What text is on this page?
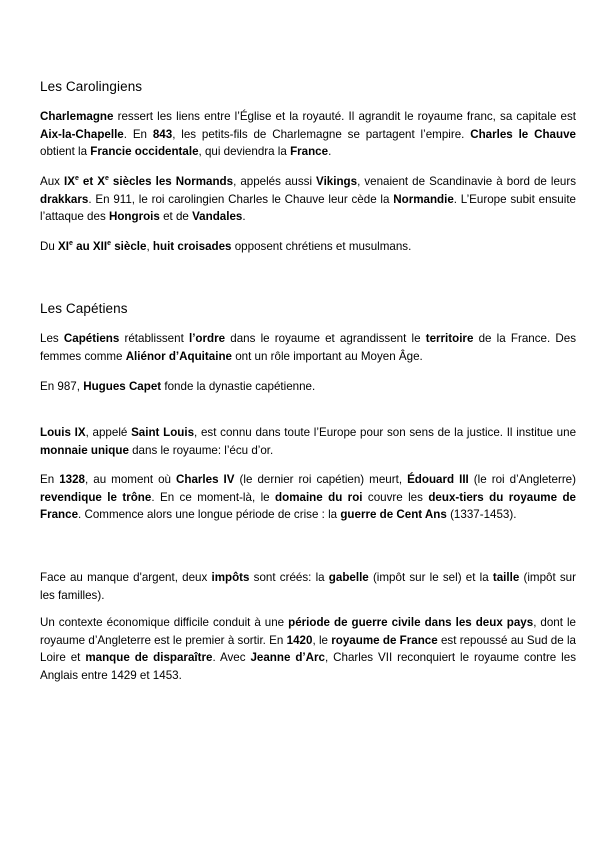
Les Carolingiens

Charlemagne ressert les liens entre l’Église et la royauté. Il agrandit le royaume franc, sa capitale est Aix-la-Chapelle. En 843, les petits-fils de Charlemagne se partagent l’empire. Charles le Chauve obtient la Francie occidentale, qui deviendra la France.

Aux IXe et Xe siècles les Normands, appelés aussi Vikings, venaient de Scandinavie à bord de leurs drakkars. En 911, le roi carolingien Charles le Chauve leur cède la Normandie. L’Europe subit ensuite l’attaque des Hongrois et de Vandales.

Du XIe au XIIe siècle, huit croisades opposent chrétiens et musulmans.

Les Capétiens

Les Capétiens rétablissent l’ordre dans le royaume et agrandissent le territoire de la France. Des femmes comme Aliénor d’Aquitaine ont un rôle important au Moyen Âge.

En 987, Hugues Capet fonde la dynastie capétienne.

Louis IX, appelé Saint Louis, est connu dans toute l’Europe pour son sens de la justice. Il institue une monnaie unique dans le royaume: l’écu d’or.

En 1328, au moment où Charles IV (le dernier roi capétien) meurt, Édouard III (le roi d’Angleterre) revendique le trône. En ce moment-là, le domaine du roi couvre les deux-tiers du royaume de France. Commence alors une longue période de crise : la guerre de Cent Ans (1337-1453).

Face au manque d'argent, deux impôts sont créés: la gabelle (impôt sur le sel) et la taille (impôt sur les familles).

Un contexte économique difficile conduit à une période de guerre civile dans les deux pays, dont le royaume d’Angleterre est le premier à sortir. En 1420, le royaume de France est repoussé au Sud de la Loire et manque de disparaître. Avec Jeanne d’Arc, Charles VII reconquiert le royaume contre les Anglais entre 1429 et 1453.
